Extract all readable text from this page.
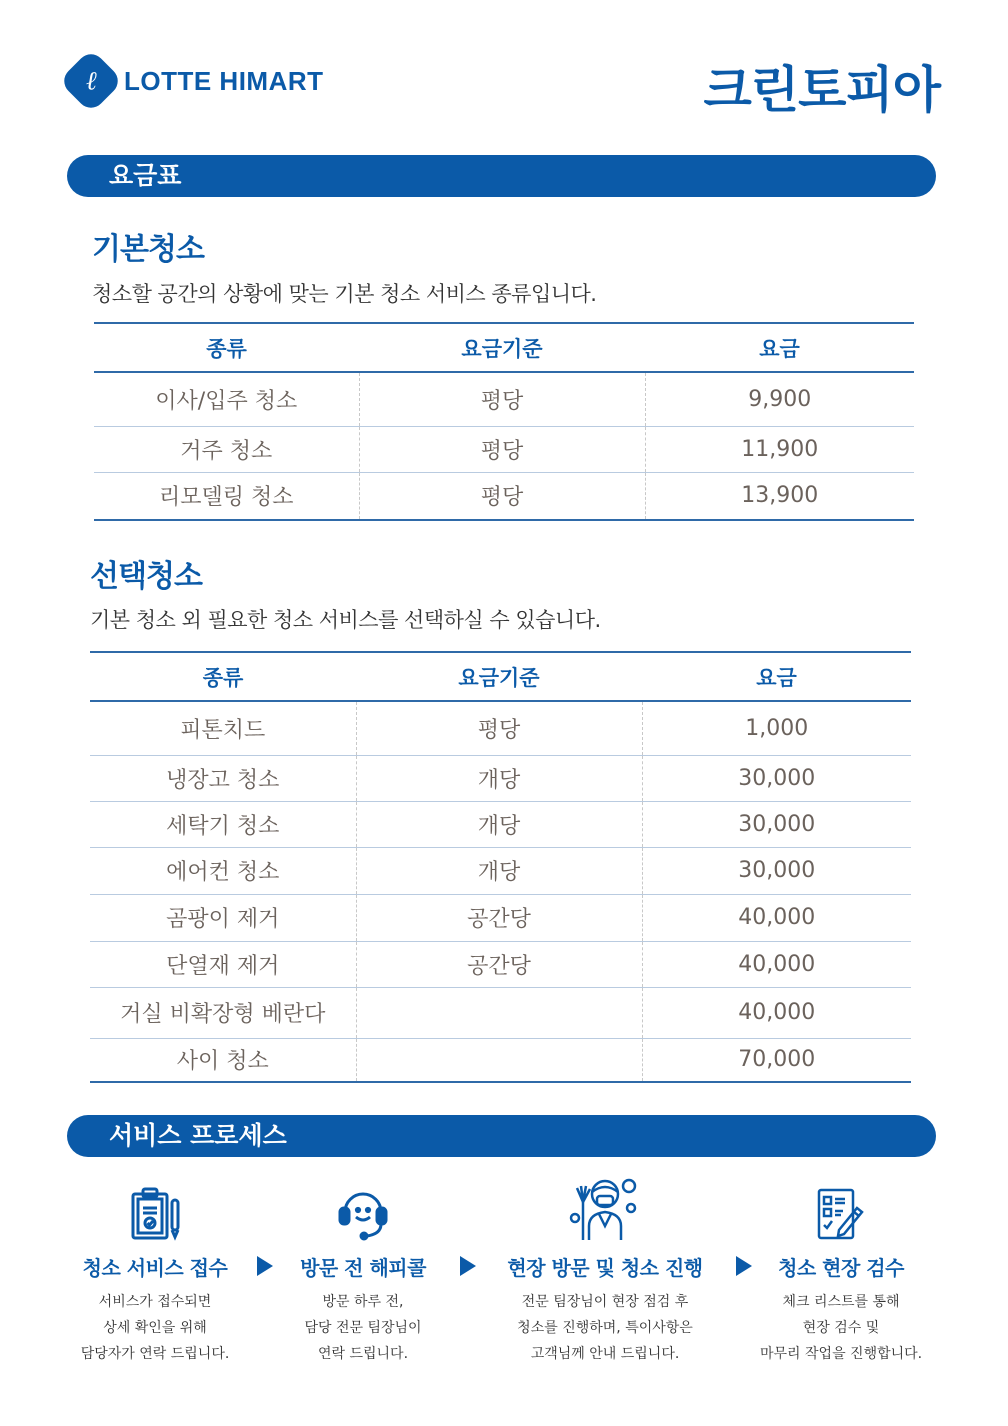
ℓ LOTTE HIMART	크린토피아
요금표
기본청소
청소할 공간의 상황에 맞는 기본 청소 서비스 종류입니다.
종류	요금기준	요금
이사/입주 청소	평당	9,900
거주 청소	평당	11,900
리모델링 청소	평당	13,900
선택청소
기본 청소 외 필요한 청소 서비스를 선택하실 수 있습니다.
종류	요금기준	요금
피톤치드	평당	1,000
냉장고 청소	개당	30,000
세탁기 청소	개당	30,000
에어컨 청소	개당	30,000
곰팡이 제거	공간당	40,000
단열재 제거	공간당	40,000
거실 비확장형 베란다		40,000
사이 청소		70,000
서비스 프로세스
청소 서비스 접수
서비스가 접수되면
상세 확인을 위해
담당자가 연락 드립니다.
방문 전 해피콜
방문 하루 전,
담당 전문 팀장님이
연락 드립니다.
현장 방문 및 청소 진행
전문 팀장님이 현장 점검 후
청소를 진행하며, 특이사항은
고객님께 안내 드립니다.
청소 현장 검수
체크 리스트를 통해
현장 검수 및
마무리 작업을 진행합니다.
